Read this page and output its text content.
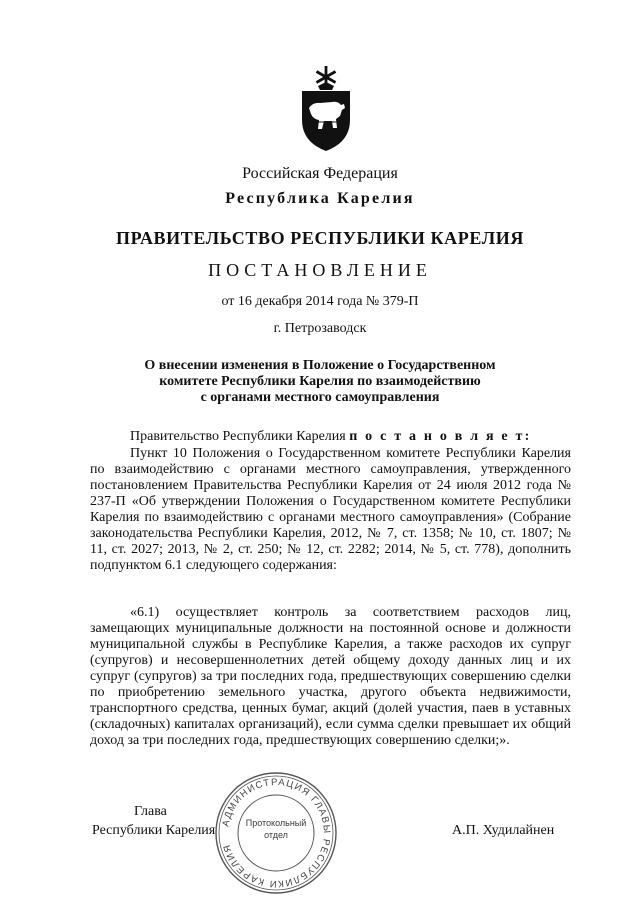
Российская Федерация
Республика Карелия
ПРАВИТЕЛЬСТВО РЕСПУБЛИКИ КАРЕЛИЯ
ПОСТАНОВЛЕНИЕ
от 16 декабря 2014 года № 379-П
г. Петрозаводск
О внесении изменения в Положение о Государственном
комитете Республики Карелия по взаимодействию
с органами местного самоуправления
Правительство Республики Карелия п о с т а н о в л я е т:
Пункт 10 Положения о Государственном комитете Республики Карелия по взаимодействию с органами местного самоуправления, утвержденного постановлением Правительства Республики Карелия от 24 июля 2012 года № 237-П «Об утверждении Положения о Государственном комитете Республики Карелия по взаимодействию с органами местного самоуправления» (Собрание законодательства Республики Карелия, 2012, № 7, ст. 1358; № 10, ст. 1807; № 11, ст. 2027; 2013, № 2, ст. 250; № 12, ст. 2282; 2014, № 5, ст. 778), дополнить подпунктом 6.1 следующего содержания:
«6.1) осуществляет контроль за соответствием расходов лиц, замещающих муниципальные должности на постоянной основе и должности муниципальной службы в Республике Карелия, а также расходов их супруг (супругов) и несовершеннолетних детей общему доходу данных лиц и их супруг (супругов) за три последних года, предшествующих совершению сделки по приобретению земельного участка, другого объекта недвижимости, транспортного средства, ценных бумаг, акций (долей участия, паев в уставных (складочных) капиталах организаций), если сумма сделки превышает их общий доход за три последних года, предшествующих совершению сделки;».
Глава
Республики Карелия	А.П. Худилайнен
АДМИНИСТРАЦИЯ ГЛАВЫ РЕСПУБЛИКИ КАРЕЛИЯ
Протокольный
отдел
